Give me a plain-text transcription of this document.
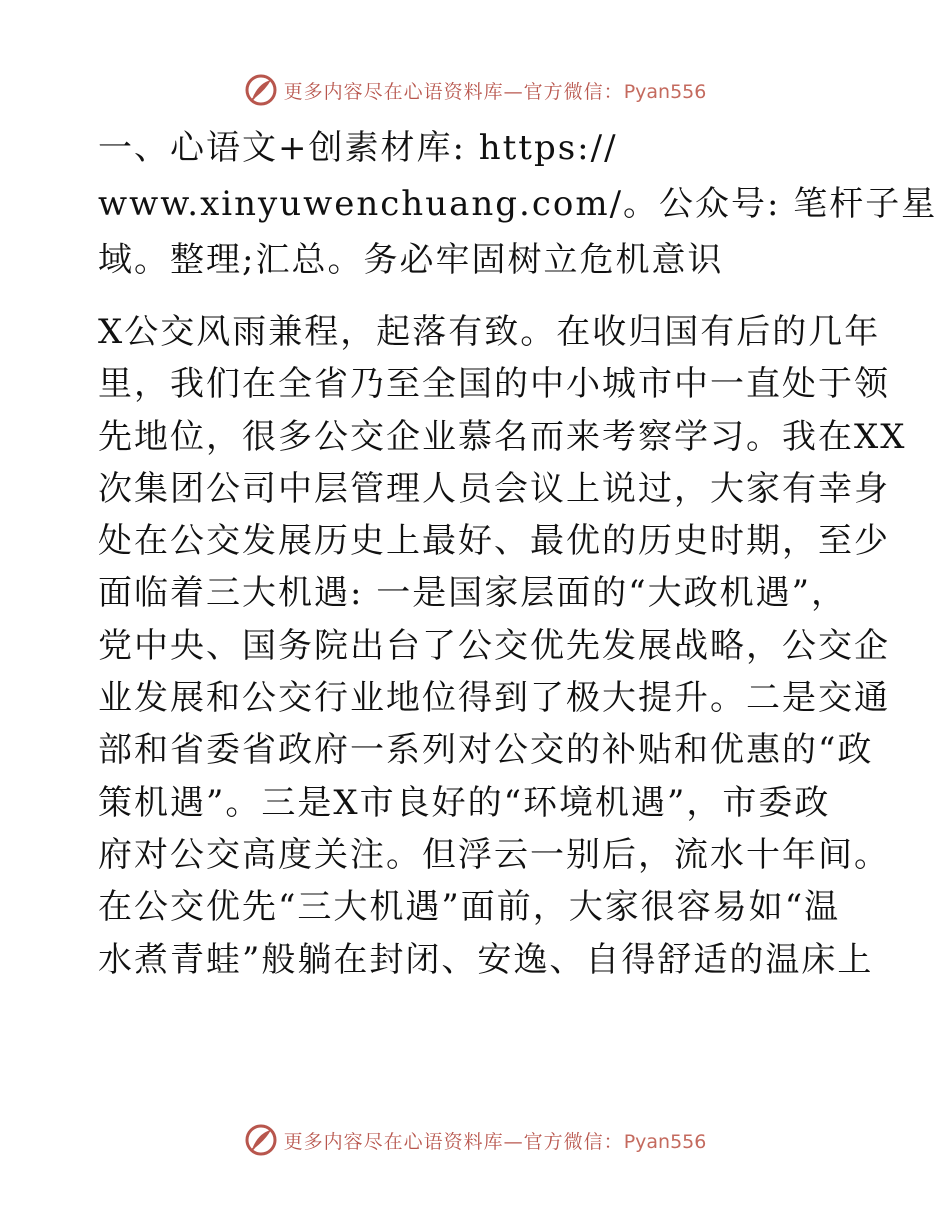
更多内容尽在心语资料库—官方微信：Pyan556
一、心语文+创素材库: https://
www.xinyuwenchuang.com/。公众号: 笔杆子星
域。整理;汇总。务必牢固树立危机意识
X公交风雨兼程，起落有致。在收归国有后的几年
里，我们在全省乃至全国的中小城市中一直处于领
先地位，很多公交企业慕名而来考察学习。我在XX
次集团公司中层管理人员会议上说过，大家有幸身
处在公交发展历史上最好、最优的历史时期，至少
面临着三大机遇: 一是国家层面的“大政机遇”，
党中央、国务院出台了公交优先发展战略，公交企
业发展和公交行业地位得到了极大提升。二是交通
部和省委省政府一系列对公交的补贴和优惠的“政
策机遇”。三是X市良好的“环境机遇”，市委政
府对公交高度关注。但浮云一别后，流水十年间。
在公交优先“三大机遇”面前，大家很容易如“温
水煮青蛙”般躺在封闭、安逸、自得舒适的温床上
更多内容尽在心语资料库—官方微信：Pyan556
